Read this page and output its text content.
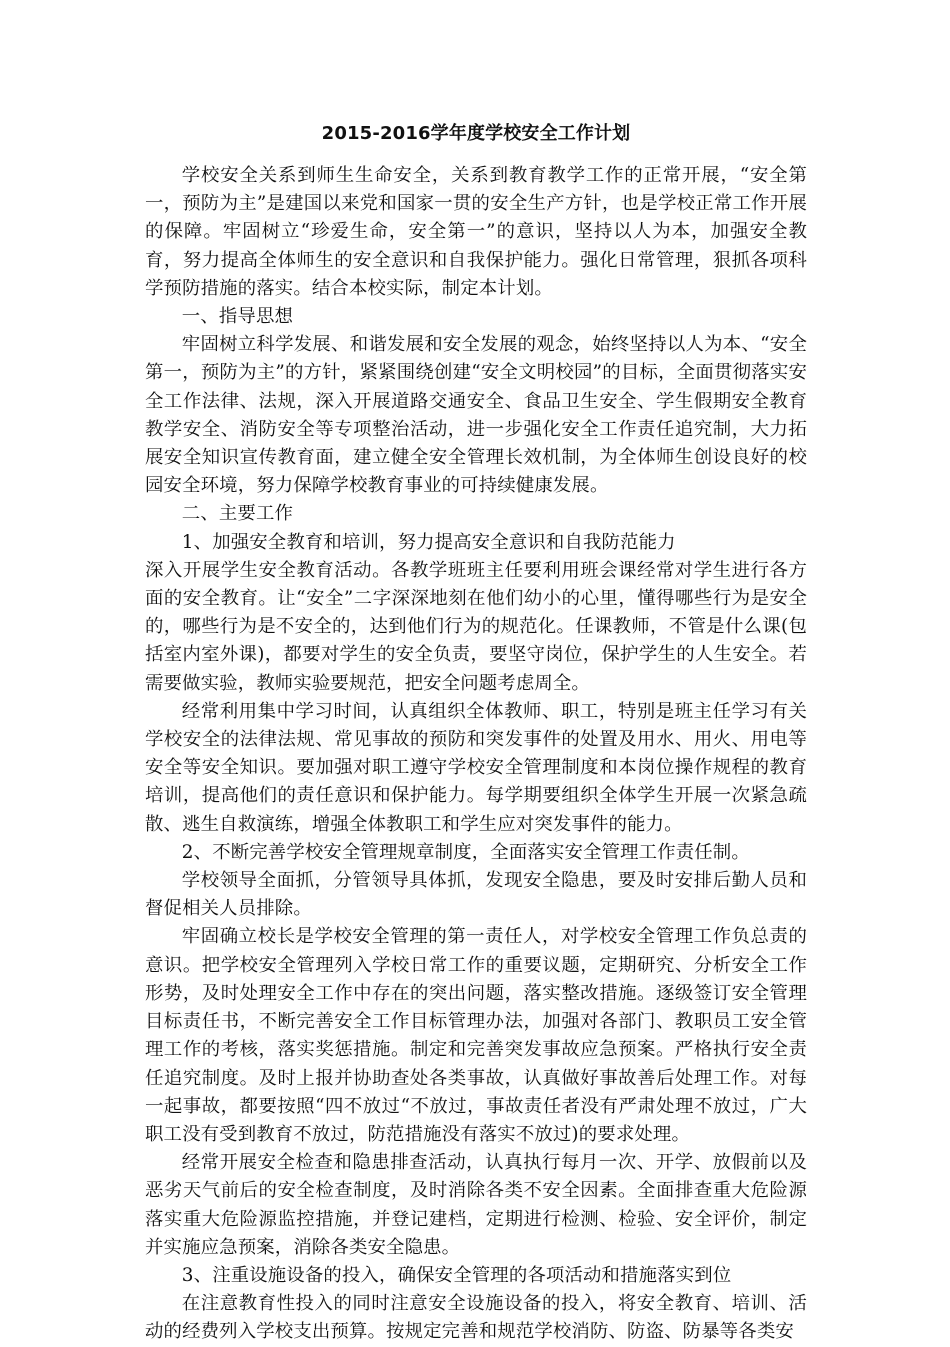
2015-2016学年度学校安全工作计划

学校安全关系到师生生命安全，关系到教育教学工作的正常开展，“安全第一，预防为主”是建国以来党和国家一贯的安全生产方针，也是学校正常工作开展的保障。牢固树立“珍爱生命，安全第一”的意识，坚持以人为本，加强安全教育，努力提高全体师生的安全意识和自我保护能力。强化日常管理，狠抓各项科学预防措施的落实。结合本校实际，制定本计划。

一、指导思想

牢固树立科学发展、和谐发展和安全发展的观念，始终坚持以人为本、“安全第一，预防为主”的方针，紧紧围绕创建“安全文明校园”的目标，全面贯彻落实安全工作法律、法规，深入开展道路交通安全、食品卫生安全、学生假期安全教育教学安全、消防安全等专项整治活动，进一步强化安全工作责任追究制，大力拓展安全知识宣传教育面，建立健全安全管理长效机制，为全体师生创设良好的校园安全环境，努力保障学校教育事业的可持续健康发展。

二、主要工作

1、加强安全教育和培训，努力提高安全意识和自我防范能力

深入开展学生安全教育活动。各教学班班主任要利用班会课经常对学生进行各方面的安全教育。让“安全”二字深深地刻在他们幼小的心里，懂得哪些行为是安全的，哪些行为是不安全的，达到他们行为的规范化。任课教师，不管是什么课(包括室内室外课)，都要对学生的安全负责，要坚守岗位，保护学生的人生安全。若需要做实验，教师实验要规范，把安全问题考虑周全。

经常利用集中学习时间，认真组织全体教师、职工，特别是班主任学习有关学校安全的法律法规、常见事故的预防和突发事件的处置及用水、用火、用电等安全等安全知识。要加强对职工遵守学校安全管理制度和本岗位操作规程的教育培训，提高他们的责任意识和保护能力。每学期要组织全体学生开展一次紧急疏散、逃生自救演练，增强全体教职工和学生应对突发事件的能力。

2、不断完善学校安全管理规章制度，全面落实安全管理工作责任制。

学校领导全面抓，分管领导具体抓，发现安全隐患，要及时安排后勤人员和督促相关人员排除。

牢固确立校长是学校安全管理的第一责任人，对学校安全管理工作负总责的意识。把学校安全管理列入学校日常工作的重要议题，定期研究、分析安全工作形势，及时处理安全工作中存在的突出问题，落实整改措施。逐级签订安全管理目标责任书，不断完善安全工作目标管理办法，加强对各部门、教职员工安全管理工作的考核，落实奖惩措施。制定和完善突发事故应急预案。严格执行安全责任追究制度。及时上报并协助查处各类事故，认真做好事故善后处理工作。对每一起事故，都要按照“四不放过“不放过，事故责任者没有严肃处理不放过，广大职工没有受到教育不放过，防范措施没有落实不放过)的要求处理。

经常开展安全检查和隐患排查活动，认真执行每月一次、开学、放假前以及恶劣天气前后的安全检查制度，及时消除各类不安全因素。全面排查重大危险源落实重大危险源监控措施，并登记建档，定期进行检测、检验、安全评价，制定并实施应急预案，消除各类安全隐患。

3、注重设施设备的投入，确保安全管理的各项活动和措施落实到位

在注意教育性投入的同时注意安全设施设备的投入，将安全教育、培训、活动的经费列入学校支出预算。按规定完善和规范学校消防、防盗、防暴等各类安
